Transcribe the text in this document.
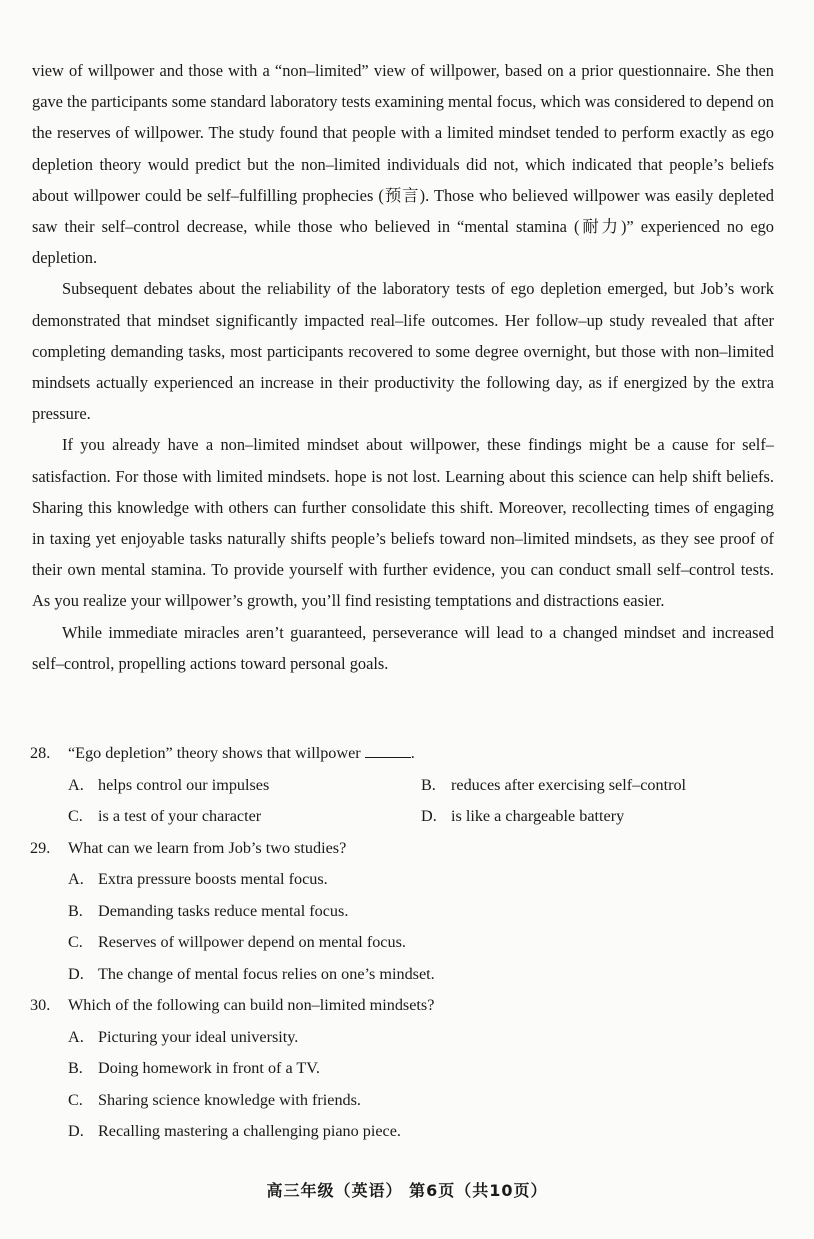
view of willpower and those with a “non–limited” view of willpower, based on a prior questionnaire. She then gave the participants some standard laboratory tests examining mental focus, which was considered to depend on the reserves of willpower. The study found that people with a limited mindset tended to perform exactly as ego depletion theory would predict but the non–limited individuals did not, which indicated that people’s beliefs about willpower could be self–fulfilling prophecies (预言). Those who believed willpower was easily depleted saw their self–control decrease, while those who believed in “mental stamina (耐力)” experienced no ego depletion.

Subsequent debates about the reliability of the laboratory tests of ego depletion emerged, but Job’s work demonstrated that mindset significantly impacted real–life outcomes. Her follow–up study revealed that after completing demanding tasks, most participants recovered to some degree overnight, but those with non–limited mindsets actually experienced an increase in their productivity the following day, as if energized by the extra pressure.

If you already have a non–limited mindset about willpower, these findings might be a cause for self–satisfaction. For those with limited mindsets. hope is not lost. Learning about this science can help shift beliefs. Sharing this knowledge with others can further consolidate this shift. Moreover, recollecting times of engaging in taxing yet enjoyable tasks naturally shifts people’s beliefs toward non–limited mindsets, as they see proof of their own mental stamina. To provide yourself with further evidence, you can conduct small self–control tests. As you realize your willpower’s growth, you’ll find resisting temptations and distractions easier.

While immediate miracles aren’t guaranteed, perseverance will lead to a changed mindset and increased self–control, propelling actions toward personal goals.

28. “Ego depletion” theory shows that willpower	.
A. helps control our impulses	B. reduces after exercising self–control
C. is a test of your character	D. is like a chargeable battery
29. What can we learn from Job’s two studies?
A. Extra pressure boosts mental focus.
B. Demanding tasks reduce mental focus.
C. Reserves of willpower depend on mental focus.
D. The change of mental focus relies on one’s mindset.
30. Which of the following can build non–limited mindsets?
A. Picturing your ideal university.
B. Doing homework in front of a TV.
C. Sharing science knowledge with friends.
D. Recalling mastering a challenging piano piece.
高三年级（英语） 第6页（共10页）
